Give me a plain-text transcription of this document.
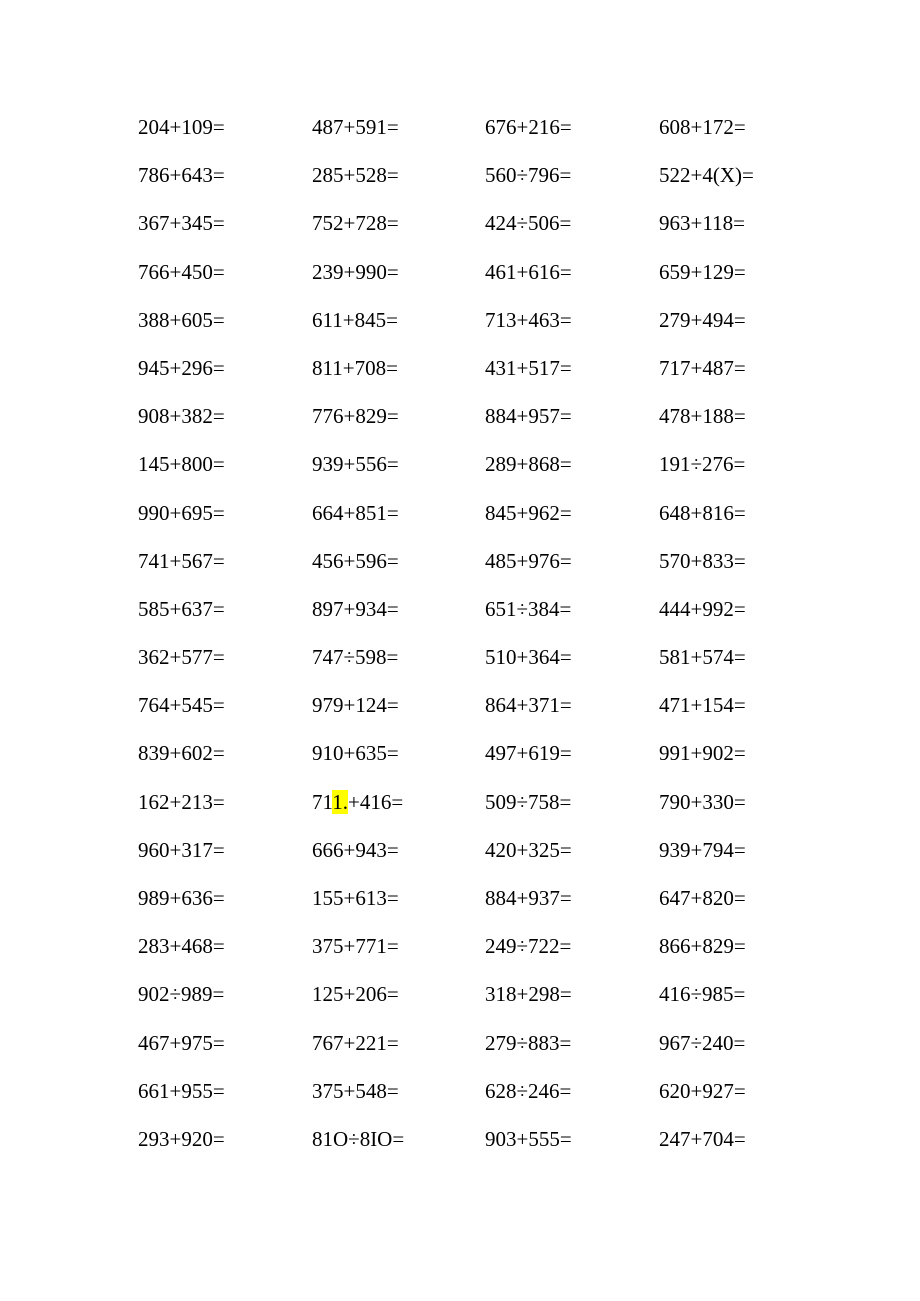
204+109=	487+591=	676+216=	608+172=
786+643=	285+528=	560÷796=	522+4(X)=
367+345=	752+728=	424÷506=	963+118=
766+450=	239+990=	461+616=	659+129=
388+605=	611+845=	713+463=	279+494=
945+296=	811+708=	431+517=	717+487=
908+382=	776+829=	884+957=	478+188=
145+800=	939+556=	289+868=	191÷276=
990+695=	664+851=	845+962=	648+816=
741+567=	456+596=	485+976=	570+833=
585+637=	897+934=	651÷384=	444+992=
362+577=	747÷598=	510+364=	581+574=
764+545=	979+124=	864+371=	471+154=
839+602=	910+635=	497+619=	991+902=
162+213=	711.+416=	509÷758=	790+330=
960+317=	666+943=	420+325=	939+794=
989+636=	155+613=	884+937=	647+820=
283+468=	375+771=	249÷722=	866+829=
902÷989=	125+206=	318+298=	416÷985=
467+975=	767+221=	279÷883=	967÷240=
661+955=	375+548=	628÷246=	620+927=
293+920=	81O÷8IO=	903+555=	247+704=
